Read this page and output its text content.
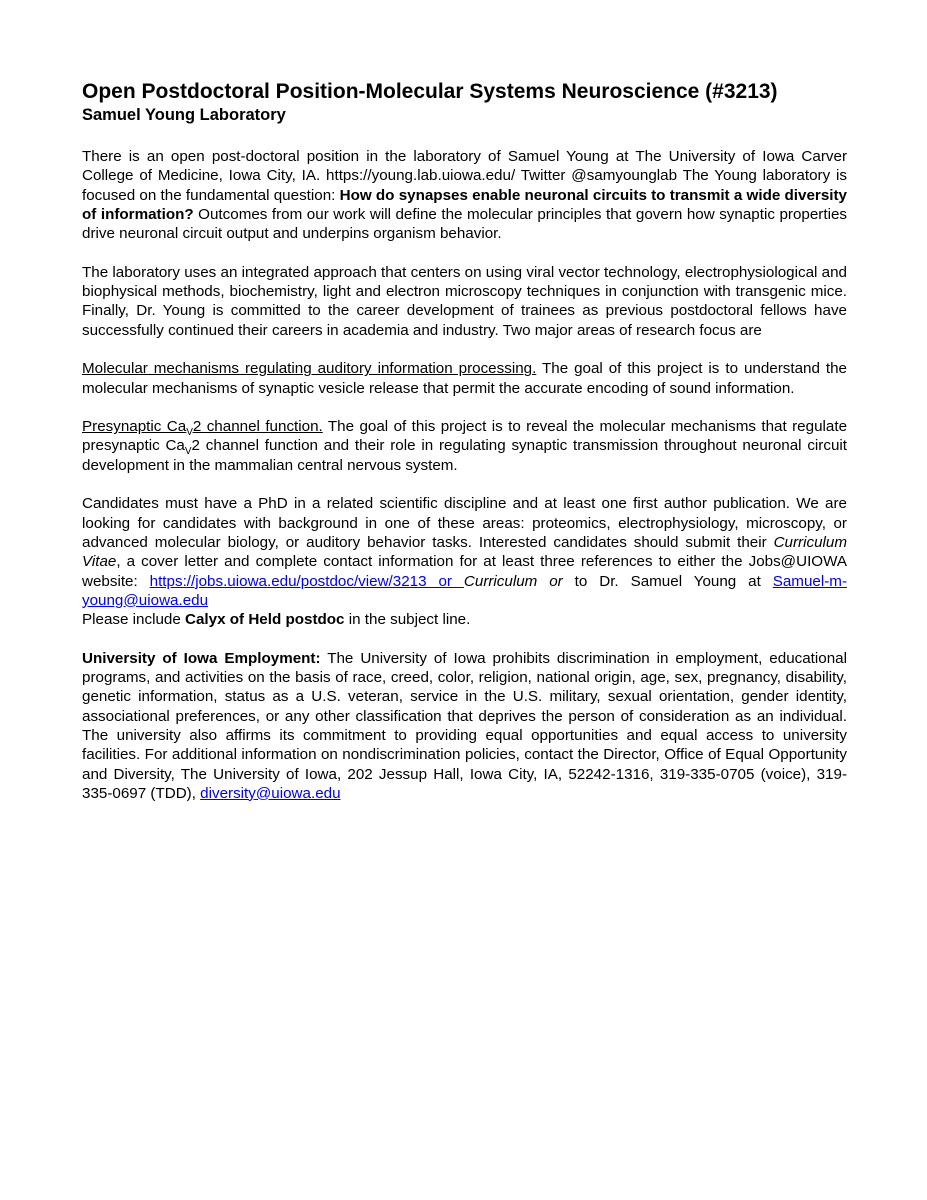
Open Postdoctoral Position-Molecular Systems Neuroscience (#3213)
Samuel Young Laboratory

There is an open post-doctoral position in the laboratory of Samuel Young at The University of Iowa Carver College of Medicine, Iowa City, IA. https://young.lab.uiowa.edu/ Twitter @samyounglab The Young laboratory is focused on the fundamental question: How do synapses enable neuronal circuits to transmit a wide diversity of information? Outcomes from our work will define the molecular principles that govern how synaptic properties drive neuronal circuit output and underpins organism behavior.

The laboratory uses an integrated approach that centers on using viral vector technology, electrophysiological and biophysical methods, biochemistry, light and electron microscopy techniques in conjunction with transgenic mice. Finally, Dr. Young is committed to the career development of trainees as previous postdoctoral fellows have successfully continued their careers in academia and industry. Two major areas of research focus are

Molecular mechanisms regulating auditory information processing. The goal of this project is to understand the molecular mechanisms of synaptic vesicle release that permit the accurate encoding of sound information.

Presynaptic $Ca_V2$ channel function. The goal of this project is to reveal the molecular mechanisms that regulate presynaptic $Ca_V2$ channel function and their role in regulating synaptic transmission throughout neuronal circuit development in the mammalian central nervous system.

Candidates must have a PhD in a related scientific discipline and at least one first author publication. We are looking for candidates with background in one of these areas: proteomics, electrophysiology, microscopy, or advanced molecular biology, or auditory behavior tasks. Interested candidates should submit their Curriculum Vitae, a cover letter and complete contact information for at least three references to either the Jobs@UIOWA website: https://jobs.uiowa.edu/postdoc/view/3213 or Curriculum or to Dr. Samuel Young at Samuel-m-young@uiowa.edu

Please include Calyx of Held postdoc in the subject line.

University of Iowa Employment: The University of Iowa prohibits discrimination in employment, educational programs, and activities on the basis of race, creed, color, religion, national origin, age, sex, pregnancy, disability, genetic information, status as a U.S. veteran, service in the U.S. military, sexual orientation, gender identity, associational preferences, or any other classification that deprives the person of consideration as an individual. The university also affirms its commitment to providing equal opportunities and equal access to university facilities. For additional information on nondiscrimination policies, contact the Director, Office of Equal Opportunity and Diversity, The University of Iowa, 202 Jessup Hall, Iowa City, IA, 52242-1316, 319-335-0705 (voice), 319-335-0697 (TDD), diversity@uiowa.edu
